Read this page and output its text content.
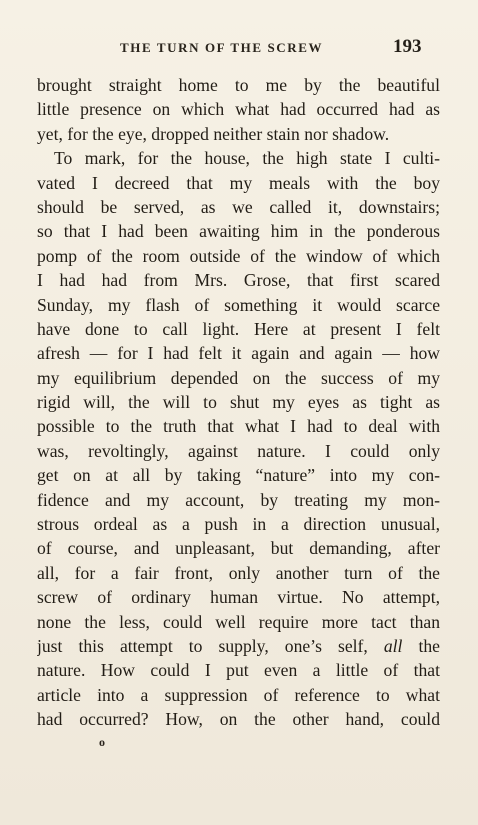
THE TURN OF THE SCREW	193
brought straight home to me by the beautiful
little presence on which what had occurred had as
yet, for the eye, dropped neither stain nor shadow.
To mark, for the house, the high state I culti-
vated I decreed that my meals with the boy
should be served, as we called it, downstairs;
so that I had been awaiting him in the ponderous
pomp of the room outside of the window of which
I had had from Mrs. Grose, that first scared
Sunday, my flash of something it would scarce
have done to call light. Here at present I felt
afresh — for I had felt it again and again — how
my equilibrium depended on the success of my
rigid will, the will to shut my eyes as tight as
possible to the truth that what I had to deal with
was, revoltingly, against nature. I could only
get on at all by taking “nature” into my con-
fidence and my account, by treating my mon-
strous ordeal as a push in a direction unusual,
of course, and unpleasant, but demanding, after
all, for a fair front, only another turn of the
screw of ordinary human virtue. No attempt,
none the less, could well require more tact than
just this attempt to supply, one’s self, all the
nature. How could I put even a little of that
article into a suppression of reference to what
had occurred? How, on the other hand, could
o
